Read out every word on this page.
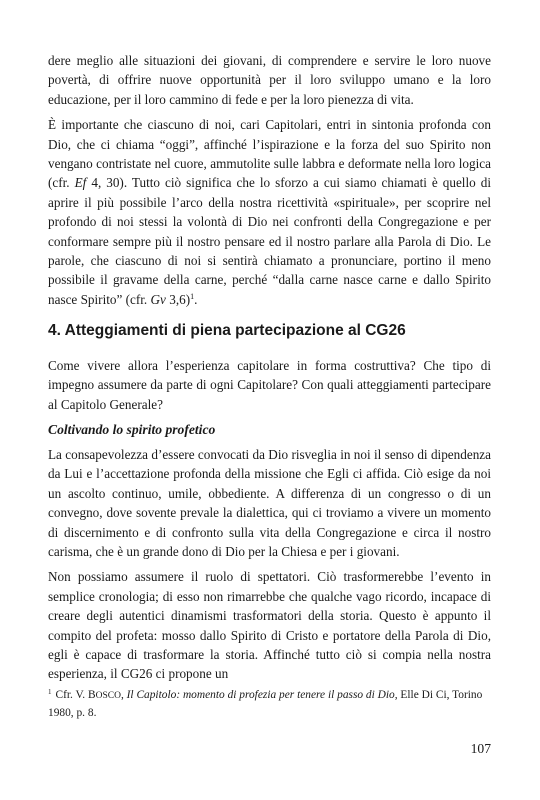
dere meglio alle situazioni dei giovani, di comprendere e servire le loro nuove povertà, di offrire nuove opportunità per il loro sviluppo umano e la loro educazione, per il loro cammino di fede e per la loro pienezza di vita.

È importante che ciascuno di noi, cari Capitolari, entri in sintonia profonda con Dio, che ci chiama “oggi”, affinché l’ispirazione e la forza del suo Spirito non vengano contristate nel cuore, ammutolite sulle labbra e deformate nella loro logica (cfr. Ef 4, 30). Tutto ciò significa che lo sforzo a cui siamo chiamati è quello di aprire il più possibile l’arco della nostra ricettività «spirituale», per scoprire nel profondo di noi stessi la volontà di Dio nei confronti della Congregazione e per conformare sempre più il nostro pensare ed il nostro parlare alla Parola di Dio. Le parole, che ciascuno di noi si sentirà chiamato a pronunciare, portino il meno possibile il gravame della carne, perché “dalla carne nasce carne e dallo Spirito nasce Spirito” (cfr. Gv 3,6)$^1$.

4. Atteggiamenti di piena partecipazione al CG26

Come vivere allora l’esperienza capitolare in forma costruttiva? Che tipo di impegno assumere da parte di ogni Capitolare? Con quali atteggiamenti partecipare al Capitolo Generale?

Coltivando lo spirito profetico

La consapevolezza d’essere convocati da Dio risveglia in noi il senso di dipendenza da Lui e l’accettazione profonda della missione che Egli ci affida. Ciò esige da noi un ascolto continuo, umile, obbediente. A differenza di un congresso o di un convegno, dove sovente prevale la dialettica, qui ci troviamo a vivere un momento di discernimento e di confronto sulla vita della Congregazione e circa il nostro carisma, che è un grande dono di Dio per la Chiesa e per i giovani.

Non possiamo assumere il ruolo di spettatori. Ciò trasformerebbe l’evento in semplice cronologia; di esso non rimarrebbe che qualche vago ricordo, incapace di creare degli autentici dinamismi trasformatori della storia. Questo è appunto il compito del profeta: mosso dallo Spirito di Cristo e portatore della Parola di Dio, egli è capace di trasformare la storia. Affinché tutto ciò si compia nella nostra esperienza, il CG26 ci propone un

$^1$ Cfr. V. BOSCO, Il Capitolo: momento di profezia per tenere il passo di Dio, Elle Di Ci, Torino 1980, p. 8.

107
